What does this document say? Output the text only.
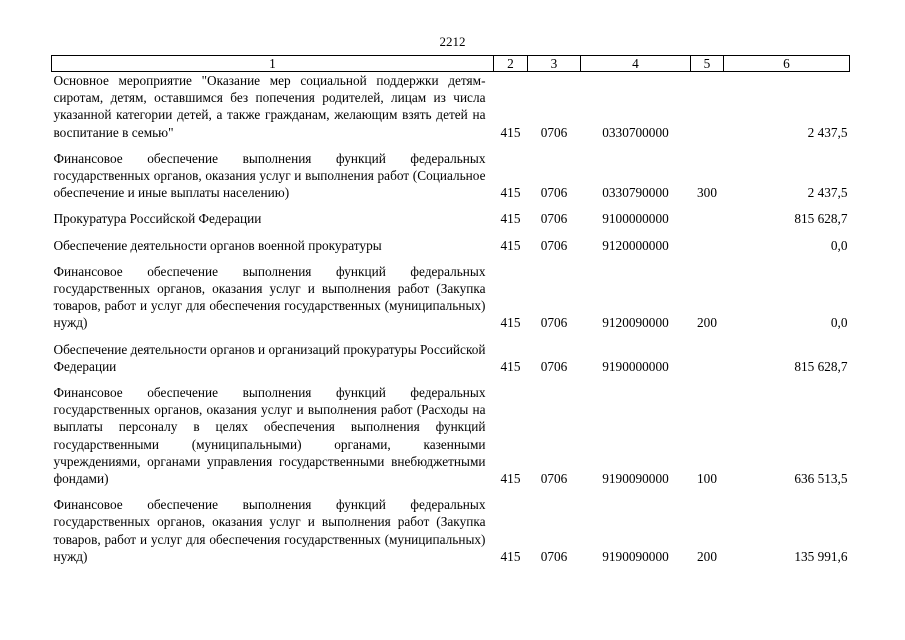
2212
1	2	3	4	5	6
Основное мероприятие "Оказание мер социальной поддержки детям-сиротам, детям, оставшимся без попечения родителей, лицам из числа указанной категории детей, а также гражданам, желающим взять детей на воспитание в семью"	415	0706	0330700000		2 437,5
Финансовое обеспечение выполнения функций федеральных государственных органов, оказания услуг и выполнения работ (Социальное обеспечение и иные выплаты населению)	415	0706	0330790000	300	2 437,5
Прокуратура Российской Федерации	415	0706	9100000000		815 628,7
Обеспечение деятельности органов военной прокуратуры	415	0706	9120000000		0,0
Финансовое обеспечение выполнения функций федеральных государственных органов, оказания услуг и выполнения работ (Закупка товаров, работ и услуг для обеспечения государственных (муниципальных) нужд)	415	0706	9120090000	200	0,0
Обеспечение деятельности органов и организаций прокуратуры Российской Федерации	415	0706	9190000000		815 628,7
Финансовое обеспечение выполнения функций федеральных государственных органов, оказания услуг и выполнения работ (Расходы на выплаты персоналу в целях обеспечения выполнения функций государственными (муниципальными) органами, казенными учреждениями, органами управления государственными внебюджетными фондами)	415	0706	9190090000	100	636 513,5
Финансовое обеспечение выполнения функций федеральных государственных органов, оказания услуг и выполнения работ (Закупка товаров, работ и услуг для обеспечения государственных (муниципальных) нужд)	415	0706	9190090000	200	135 991,6
